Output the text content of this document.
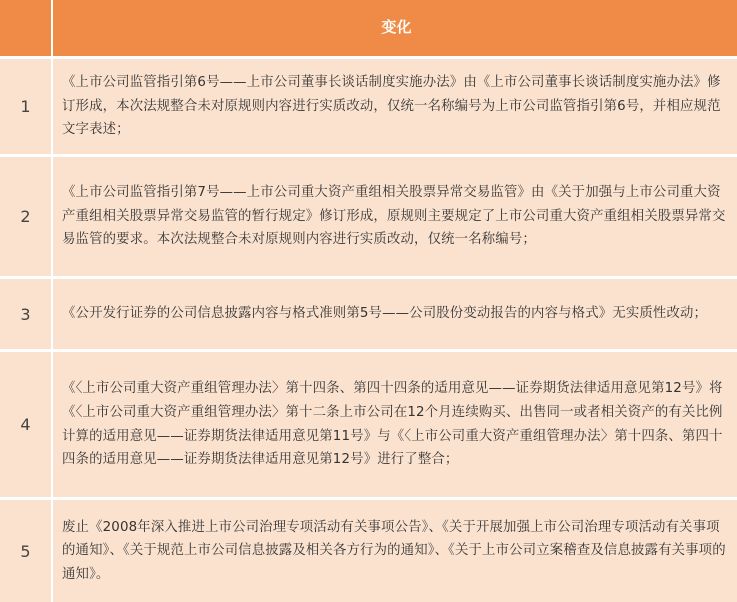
变化
1
《上市公司监管指引第6号——上市公司董事长谈话制度实施办法》由《上市公司董事长谈话制度实施办法》修订形成，本次法规整合未对原规则内容进行实质改动，仅统一名称编号为上市公司监管指引第6号，并相应规范文字表述；
2
《上市公司监管指引第7号——上市公司重大资产重组相关股票异常交易监管》由《关于加强与上市公司重大资产重组相关股票异常交易监管的暂行规定》修订形成，原规则主要规定了上市公司重大资产重组相关股票异常交易监管的要求。本次法规整合未对原规则内容进行实质改动，仅统一名称编号；
3	《公开发行证券的公司信息披露内容与格式准则第5号——公司股份变动报告的内容与格式》无实质性改动；
4
《〈上市公司重大资产重组管理办法〉第十四条、第四十四条的适用意见——证券期货法律适用意见第12号》将《〈上市公司重大资产重组管理办法〉第十二条上市公司在12个月连续购买、出售同一或者相关资产的有关比例计算的适用意见——证券期货法律适用意见第11号》与《〈上市公司重大资产重组管理办法〉第十四条、第四十四条的适用意见——证券期货法律适用意见第12号》进行了整合；
5
废止《2008年深入推进上市公司治理专项活动有关事项公告》、《关于开展加强上市公司治理专项活动有关事项的通知》、《关于规范上市公司信息披露及相关各方行为的通知》、《关于上市公司立案稽查及信息披露有关事项的通知》。
